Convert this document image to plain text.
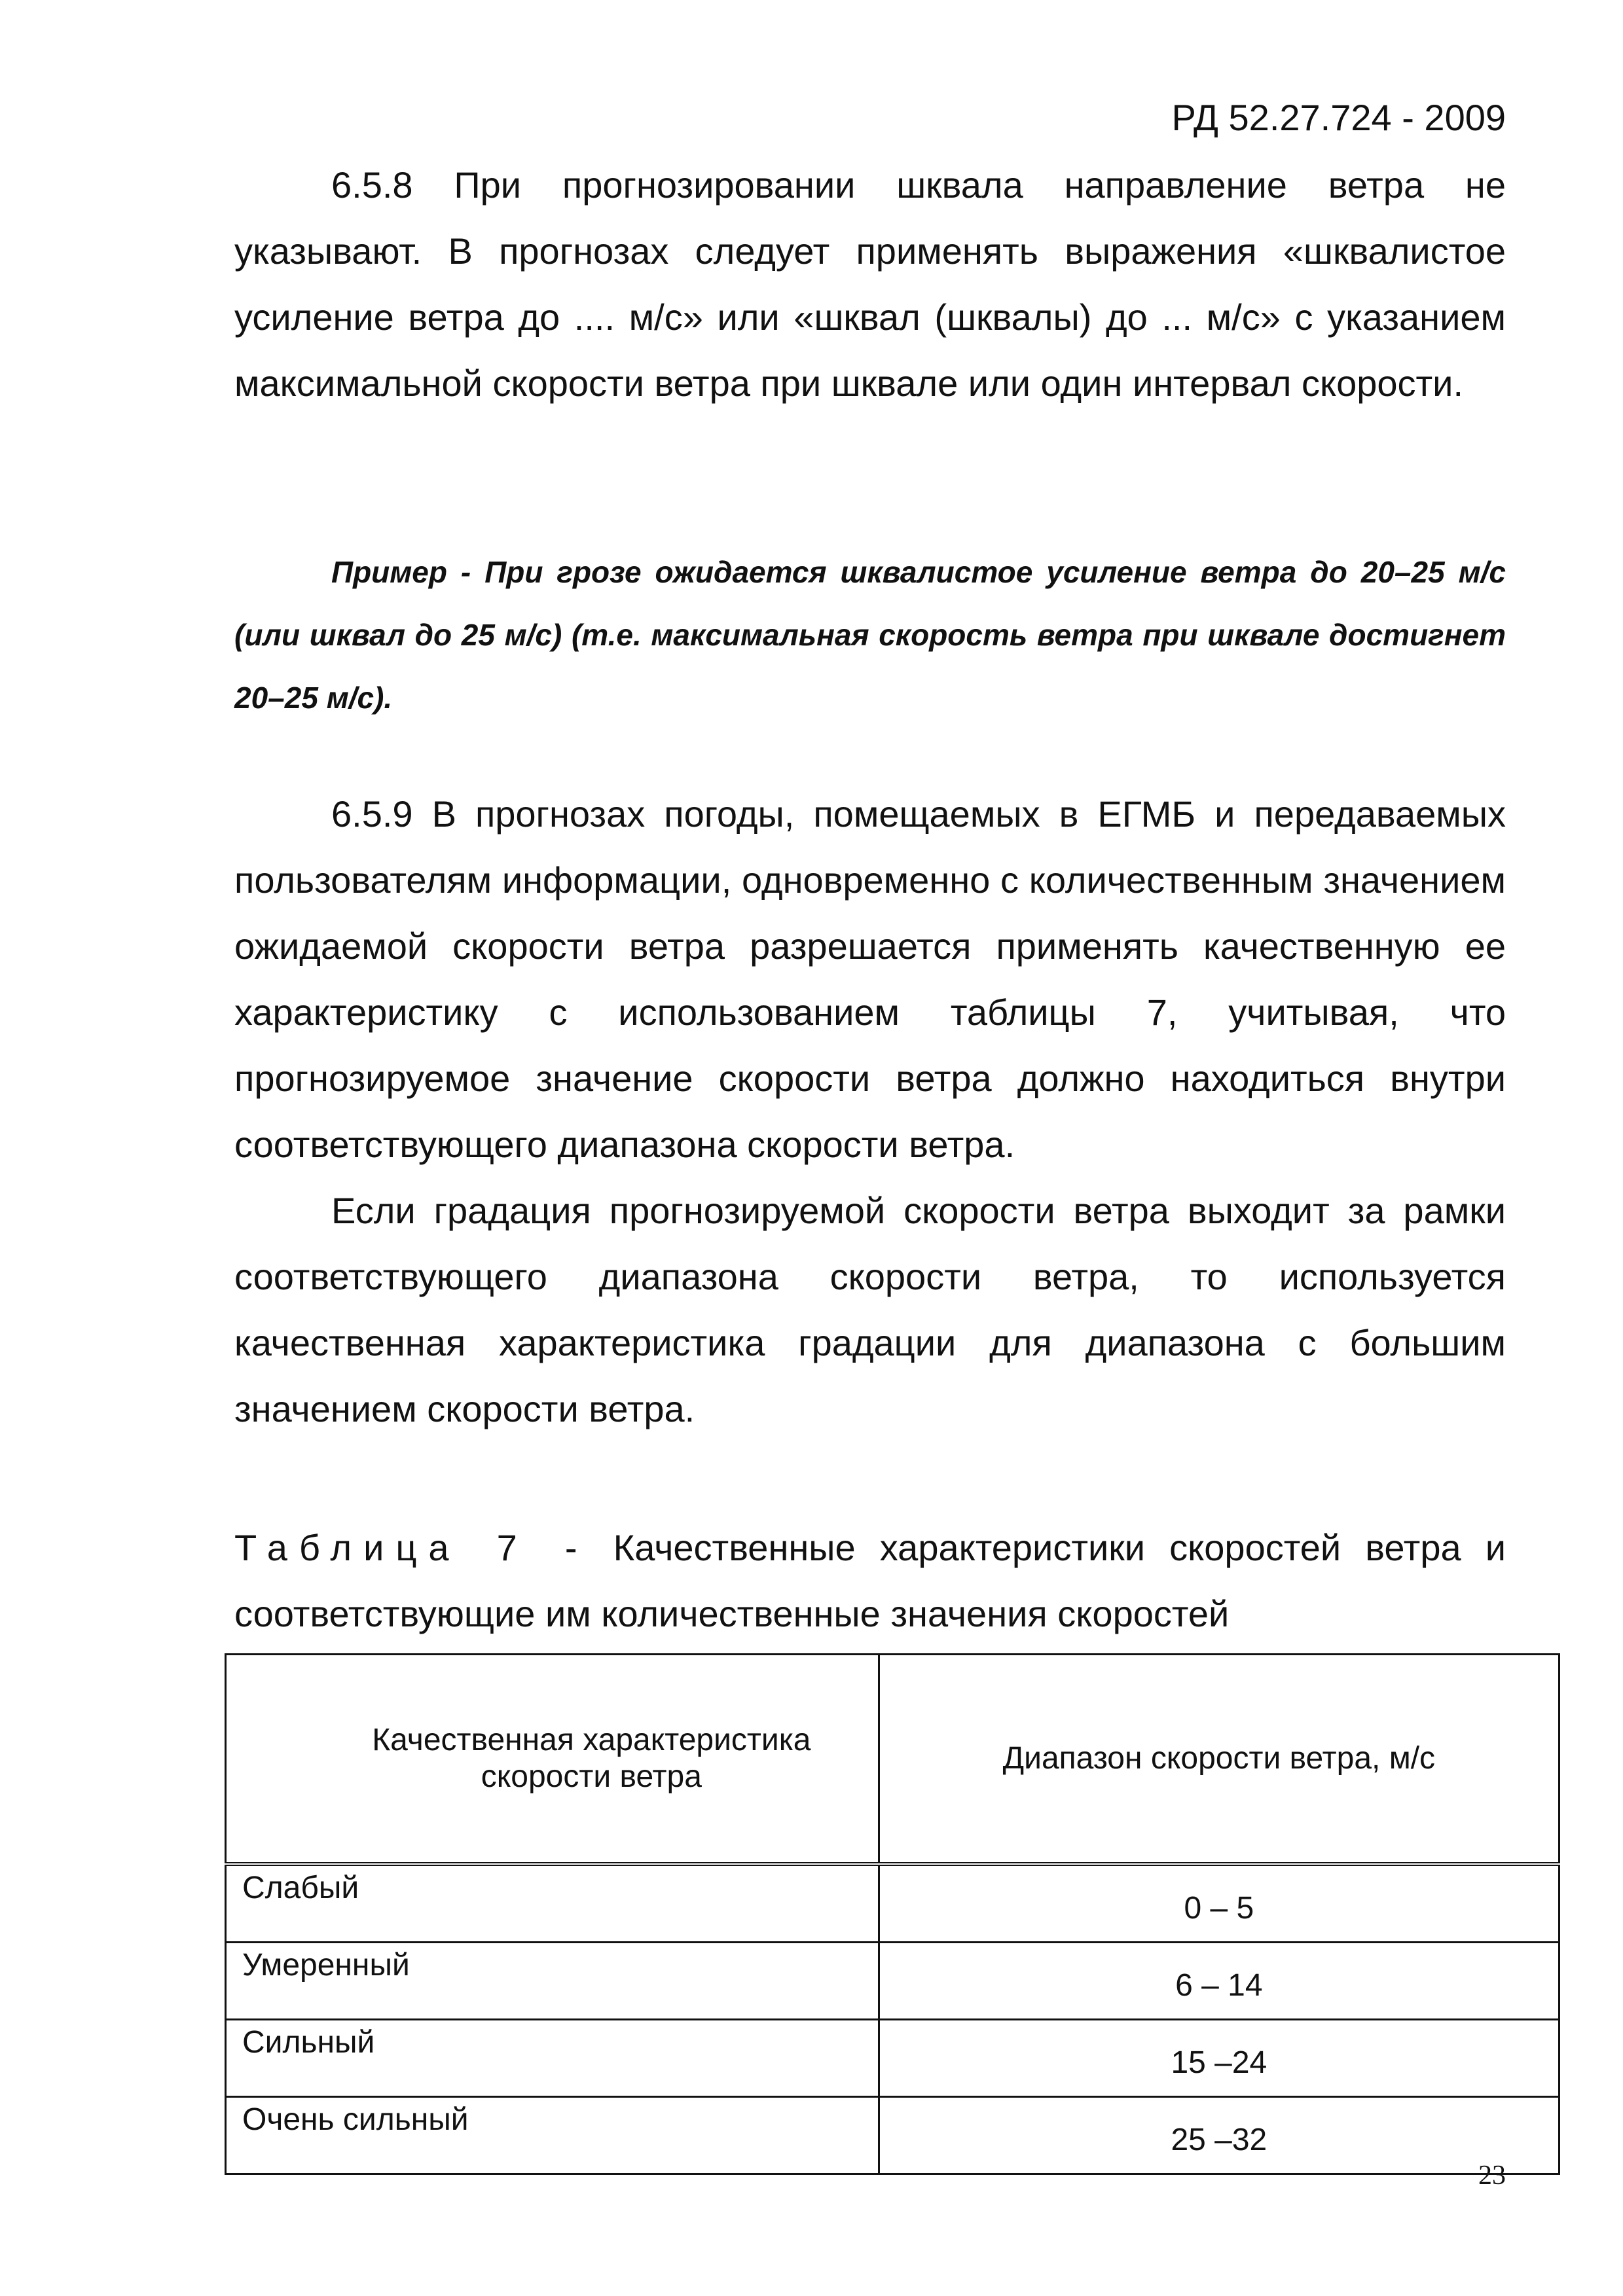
РД 52.27.724 - 2009

6.5.8 При прогнозировании шквала направление ветра не указывают. В прогнозах следует применять выражения «шквалистое усиление ветра до .... м/с» или «шквал (шквалы) до ... м/с» с указанием максимальной скорости ветра при шквале или один интервал скорости.

Пример - При грозе ожидается шквалистое усиление ветра до 20–25 м/с (или шквал до 25 м/с) (т.е. максимальная скорость ветра при шквале достигнет 20–25 м/с).

6.5.9 В прогнозах погоды, помещаемых в ЕГМБ и передаваемых пользователям информации, одновременно с количественным значением ожидаемой скорости ветра разрешается применять качественную ее характеристику с использованием таблицы 7, учитывая, что прогнозируемое значение скорости ветра должно находиться внутри соответствующего диапазона скорости ветра.

Если градация прогнозируемой скорости ветра выходит за рамки соответствующего диапазона скорости ветра, то используется качественная характеристика градации для диапазона с большим значением скорости ветра.

Таблица 7 - Качественные характеристики скоростей ветра и соответствующие им количественные значения скоростей

Качественная характеристика скорости ветра	Диапазон скорости ветра, м/с
Слабый	0 – 5
Умеренный	6 – 14
Сильный	15 –24
Очень сильный	25 –32
23
